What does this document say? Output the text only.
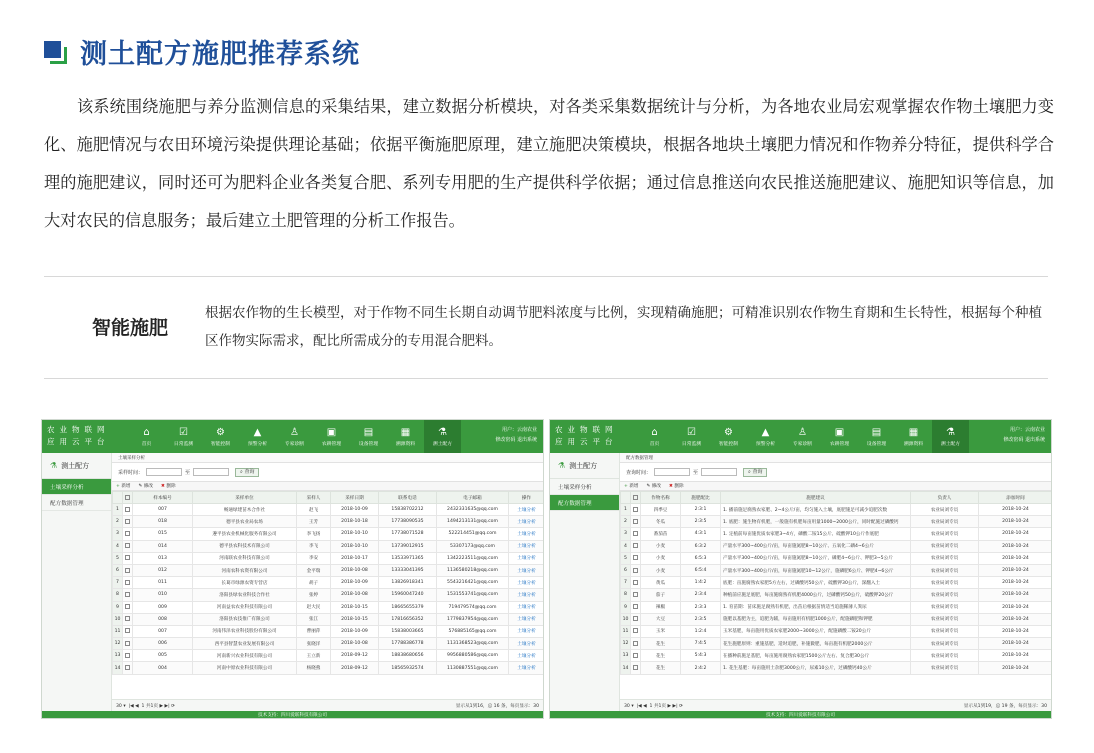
测土配方施肥推荐系统

该系统围绕施肥与养分监测信息的采集结果，建立数据分析模块，对各类采集数据统计与分析，为各地农业局宏观掌握农作物土壤肥力变化、施肥情况与农田环境污染提供理论基础；依据平衡施肥原理，建立施肥决策模块，根据各地块土壤肥力情况和作物养分特征，提供科学合理的施肥建议，同时还可为肥料企业各类复合肥、系列专用肥的生产提供科学依据；通过信息推送向农民推送施肥建议、施肥知识等信息，加大对农民的信息服务；最后建立土肥管理的分析工作报告。

智能施肥

根据农作物的生长模型，对于作物不同生长期自动调节肥料浓度与比例，实现精确施肥；可精准识别农作物生育期和生长特性，根据每个种植区作物实际需求，配比所需成分的专用混合肥料。

农业物联网
应用云平台
⌂
首页
☑
日常监测
⚙
智能控制
▲
预警分析
♙
专家诊断
▣
农耕管理
▤
设备管理
▦
溯源资料
⚗
测土配方
用户：云南农业
修改密码 退出系统
⚗ 测土配方
土壤采样分析
配方数据管理
土壤采样分析
采样时间：	至	⌕ 查询
+ 新增 ✎ 修改 ✖ 删除
		样本编号	采样单位	采样人	采样日期	联系电话	电子邮箱	操作
1		007	畅通绿建苗木合作社	赵飞	2018-10-09	15838702212	2432331635@qq.com	土壤分析
2		018	德平县农业局农场	王芳	2018-10-18	17738090535	1494213131@qq.com	土壤分析
3		015	遵平县农业机械化服务有限公司	李飞扬	2018-10-10	17738071528	522214451@qq.com	土壤分析
4		014	德平县农科技术有限公司	李飞	2018-10-10	13739012915	53307173@qq.com	土壤分析
5		013	河南联农业科技有限公司	李安	2018-10-17	13533971365	1342223511@qq.com	土壤分析
6		012	河南农科农资有限公司	金平瑞	2018-10-08	13333041395	1136580218@qq.com	土壤分析
7		011	长葛市绿源农资专营店	胡子	2018-10-09	13826918341	5543216421@qq.com	土壤分析
8		010	洛阳县绿农业科技合作社	张婷	2018-10-08	15960047240	1531553741@qq.com	土壤分析
9		009	河南益农农业科技有限公司	赵大民	2018-10-15	18665655379	719479574@qq.com	土壤分析
10		008	洛阳县农技推广有限公司	张江	2018-10-15	17816656352	1779837954@qq.com	土壤分析
11		007	河南伟泽农业科技股份有限公司	曹丽萍	2018-10-09	15838003665	576885165@qq.com	土壤分析
12		006	西平县智慧农业发展有限公司	张晓洋	2018-10-08	17788386778	1131368523@qq.com	土壤分析
13		005	河南新兴农业科技有限公司	王立新	2018-09-12	18838680656	9956880586@qq.com	土壤分析
14		004	河南中原农业科技有限公司	杨晓燕	2018-09-12	18565932574	1130887551@qq.com	土壤分析
30 ▾  |◀ ◀  1 共1页 ▶ ▶| ⟳	显示从1到16，总 16 条，每页显示：30
技术支持：四川爱联科技有限公司
农业物联网
应用云平台
⌂
首页
☑
日常监测
⚙
智能控制
▲
预警分析
♙
专家诊断
▣
农耕管理
▤
设备管理
▦
溯源资料
⚗
测土配方
用户：云南农业
修改密码 退出系统
⚗ 测土配方
土壤采样分析
配方数据管理
配方数据管理
查询时间：	至	⌕ 查询
+ 新增 ✎ 修改 ✖ 删除
		作物名称	施肥配比	施肥建议	负责人	添加时间
1		四季豆	2:3:1	1. 播前施足腐熟农家肥、2~4公斤/亩，均匀施入土壤，底肥施足可减少追肥次数	农业局刘专员	2018-10-24
2		冬瓜	2:3:5	1. 底肥：施生物有机肥，一般施有机肥每亩用量1000~2000公斤，同时配施过磷酸钙	农业局刘专员	2018-10-24
3		番茄苗	4:3:1	1. 定植前每亩施优质农家肥3~4方，磷酸二铵15公斤、硫酸钾10公斤作底肥	农业局刘专员	2018-10-24
4		小麦	6:3:2	产量水平300~400公斤/亩，每亩施氮肥8~10公斤、五氧化二磷4~6公斤	农业局刘专员	2018-10-24
5		小麦	6:5:3	产量水平300~400公斤/亩，每亩施氮肥8~10公斤，磷肥4~6公斤、钾肥3~5公斤	农业局刘专员	2018-10-24
6		小麦	6:5:4	产量水平300~400公斤/亩，每亩施氮肥10~12公斤，施磷肥6公斤、钾肥4~6公斤	农业局刘专员	2018-10-24
7		黄瓜	1:4:2	底肥：亩施腐熟农家肥5方左右，过磷酸钙50公斤，硫酸钾30公斤，深翻入土	农业局刘专员	2018-10-24
8		茄子	2:3:4	种植前应施足底肥，每亩施腐熟有机肥4000公斤，过磷酸钙50公斤，硫酸钾20公斤	农业局刘专员	2018-10-24
9		辣椒	2:3:3	1. 育苗期：苗床施足腐熟有机肥，出苗后根据苗情适当追施稀薄人粪尿	农业局刘专员	2018-10-24
10		大豆	2:3:5	施肥以基肥为主，追肥为辅，每亩施用有机肥1000公斤，配施磷肥和钾肥	农业局刘专员	2018-10-24
11		玉米	1:2:4	玉米基肥，每亩施用优质农家肥2000~3000公斤，配施磷酸二铵20公斤	农业局刘专员	2018-10-24
12		花生	7:4:5	花生施肥原则：重施基肥，适时追肥，补施微肥，每亩施有机肥2000公斤	农业局刘专员	2018-10-24
13		花生	5:4:3	在播种前施足基肥，每亩施用腐熟农家肥1500公斤左右、复合肥30公斤	农业局刘专员	2018-10-24
14		花生	2:4:2	1. 花生基肥：每亩施用土杂肥3000公斤，尿素10公斤，过磷酸钙40公斤	农业局刘专员	2018-10-24
30 ▾  |◀ ◀  1 共1页 ▶ ▶| ⟳	显示从1到19，总 19 条，每页显示：30
技术支持：四川爱联科技有限公司
